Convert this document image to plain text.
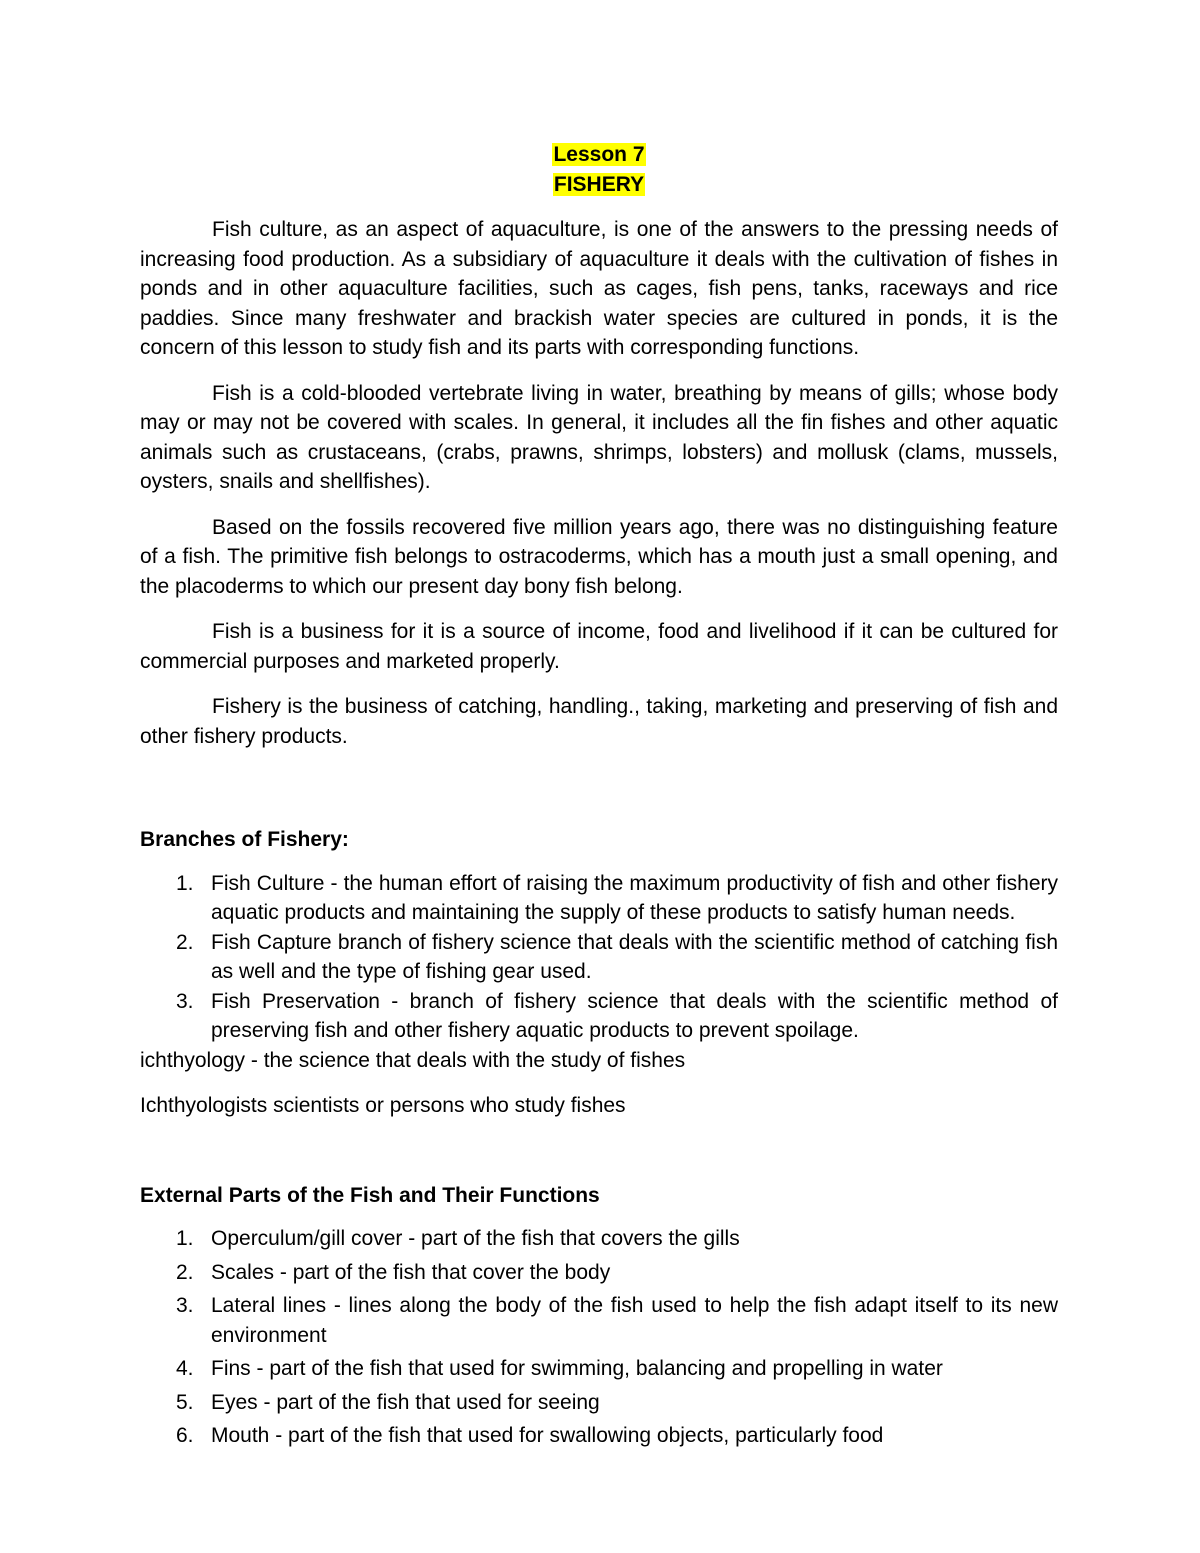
Lesson 7
FISHERY

Fish culture, as an aspect of aquaculture, is one of the answers to the pressing needs of increasing food production. As a subsidiary of aquaculture it deals with the cultivation of fishes in ponds and in other aquaculture facilities, such as cages, fish pens, tanks, raceways and rice paddies. Since many freshwater and brackish water species are cultured in ponds, it is the concern of this lesson to study fish and its parts with corresponding functions.

Fish is a cold-blooded vertebrate living in water, breathing by means of gills; whose body may or may not be covered with scales. In general, it includes all the fin fishes and other aquatic animals such as crustaceans, (crabs, prawns, shrimps, lobsters) and mollusk (clams, mussels, oysters, snails and shellfishes).

Based on the fossils recovered five million years ago, there was no distinguishing feature of a fish. The primitive fish belongs to ostracoderms, which has a mouth just a small opening, and the placoderms to which our present day bony fish belong.

Fish is a business for it is a source of income, food and livelihood if it can be cultured for commercial purposes and marketed properly.

Fishery is the business of catching, handling., taking, marketing and preserving of fish and other fishery products.

Branches of Fishery:

1. Fish Culture - the human effort of raising the maximum productivity of fish and other fishery aquatic products and maintaining the supply of these products to satisfy human needs.
2. Fish Capture branch of fishery science that deals with the scientific method of catching fish as well and the type of fishing gear used.
3. Fish Preservation - branch of fishery science that deals with the scientific method of preserving fish and other fishery aquatic products to prevent spoilage.

ichthyology - the science that deals with the study of fishes

Ichthyologists scientists or persons who study fishes

External Parts of the Fish and Their Functions

1. Operculum/gill cover - part of the fish that covers the gills
2. Scales - part of the fish that cover the body
3. Lateral lines - lines along the body of the fish used to help the fish adapt itself to its new environment
4. Fins - part of the fish that used for swimming, balancing and propelling in water
5. Eyes - part of the fish that used for seeing
6. Mouth - part of the fish that used for swallowing objects, particularly food
